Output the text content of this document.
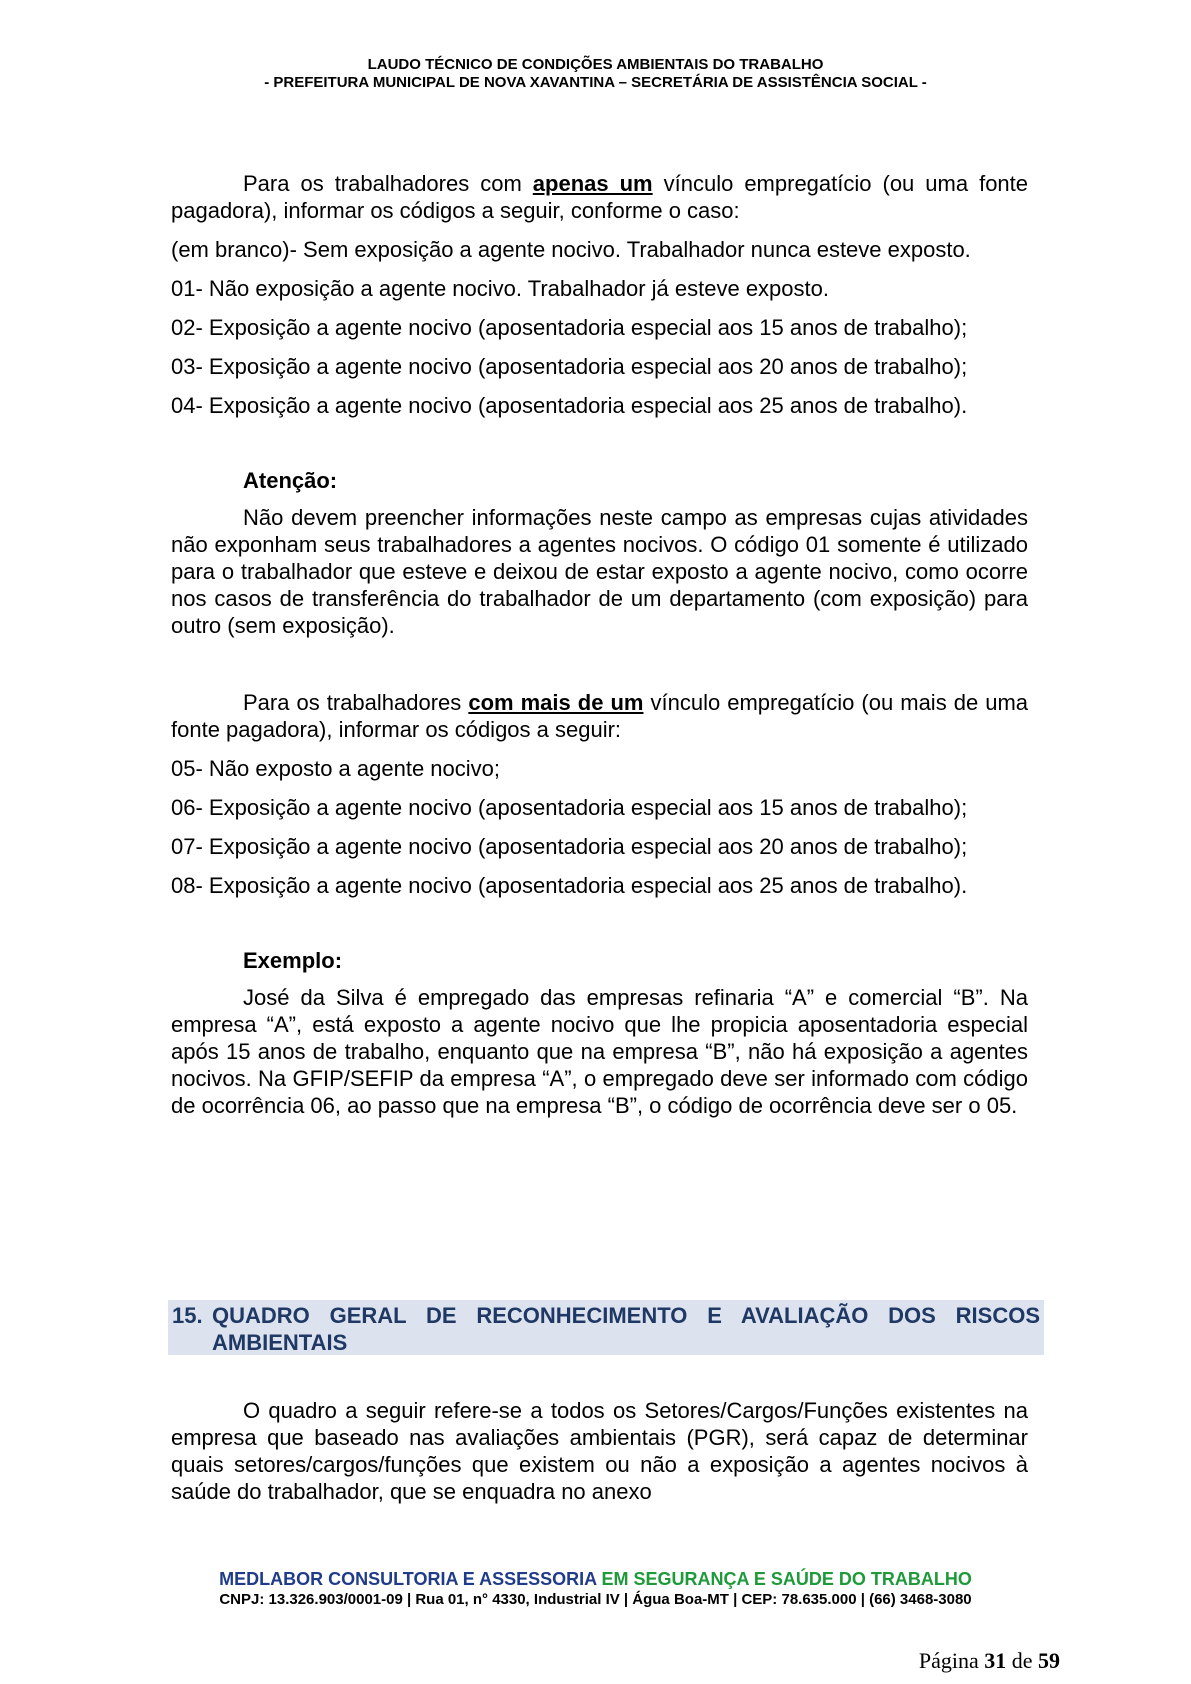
LAUDO TÉCNICO DE CONDIÇÕES AMBIENTAIS DO TRABALHO
- PREFEITURA MUNICIPAL DE NOVA XAVANTINA – SECRETÁRIA DE ASSISTÊNCIA SOCIAL -

Para os trabalhadores com apenas um vínculo empregatício (ou uma fonte pagadora), informar os códigos a seguir, conforme o caso:

(em branco)- Sem exposição a agente nocivo. Trabalhador nunca esteve exposto.

01- Não exposição a agente nocivo. Trabalhador já esteve exposto.

02- Exposição a agente nocivo (aposentadoria especial aos 15 anos de trabalho);

03- Exposição a agente nocivo (aposentadoria especial aos 20 anos de trabalho);

04- Exposição a agente nocivo (aposentadoria especial aos 25 anos de trabalho).

Atenção:

Não devem preencher informações neste campo as empresas cujas atividades não exponham seus trabalhadores a agentes nocivos. O código 01 somente é utilizado para o trabalhador que esteve e deixou de estar exposto a agente nocivo, como ocorre nos casos de transferência do trabalhador de um departamento (com exposição) para outro (sem exposição).

Para os trabalhadores com mais de um vínculo empregatício (ou mais de uma fonte pagadora), informar os códigos a seguir:

05- Não exposto a agente nocivo;

06- Exposição a agente nocivo (aposentadoria especial aos 15 anos de trabalho);

07- Exposição a agente nocivo (aposentadoria especial aos 20 anos de trabalho);

08- Exposição a agente nocivo (aposentadoria especial aos 25 anos de trabalho).

Exemplo:

José da Silva é empregado das empresas refinaria “A” e comercial “B”. Na empresa “A”, está exposto a agente nocivo que lhe propicia aposentadoria especial após 15 anos de trabalho, enquanto que na empresa “B”, não há exposição a agentes nocivos. Na GFIP/SEFIP da empresa “A”, o empregado deve ser informado com código de ocorrência 06, ao passo que na empresa “B”, o código de ocorrência deve ser o 05.

15. QUADRO GERAL DE RECONHECIMENTO E AVALIAÇÃO DOS RISCOS
AMBIENTAIS

O quadro a seguir refere-se a todos os Setores/Cargos/Funções existentes na empresa que baseado nas avaliações ambientais (PGR), será capaz de determinar quais setores/cargos/funções que existem ou não a exposição a agentes nocivos à saúde do trabalhador, que se enquadra no anexo

MEDLABOR CONSULTORIA E ASSESSORIA EM SEGURANÇA E SAÚDE DO TRABALHO
CNPJ: 13.326.903/0001-09 | Rua 01, n° 4330, Industrial IV | Água Boa-MT | CEP: 78.635.000 | (66) 3468-3080
Página 31 de 59
